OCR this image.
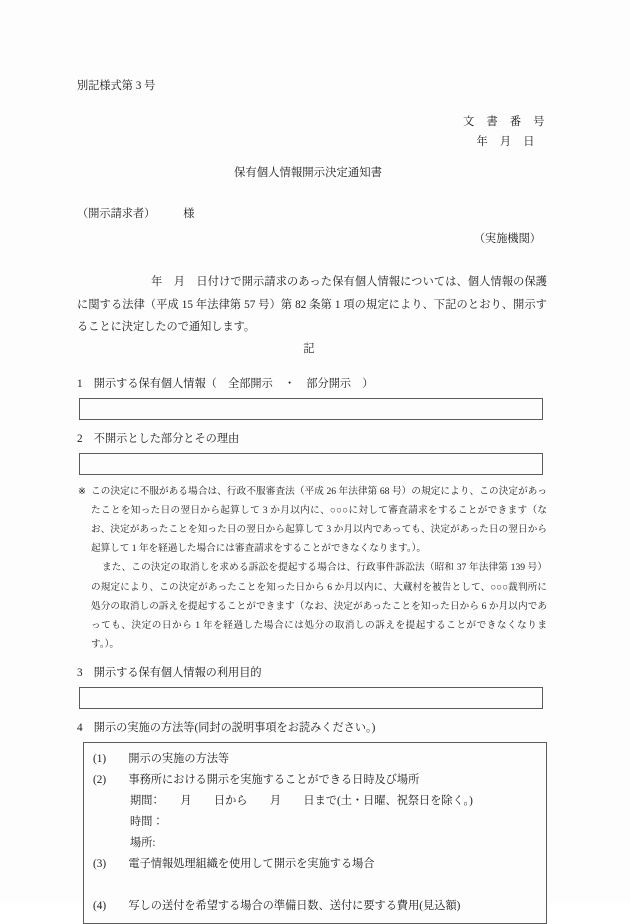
別記様式第 3 号
文　書　番　号
年　月　日
保有個人情報開示決定通知書
（開示請求者）　　　様
（実施機関）
年　月　日付けで開示請求のあった保有個人情報については、個人情報の保護に関する法律（平成 15 年法律第 57 号）第 82 条第 1 項の規定により、下記のとおり、開示することに決定したので通知します。
記
1　開示する保有個人情報（　全部開示　・　部分開示　）
2　不開示とした部分とその理由
※ この決定に不服がある場合は、行政不服審査法（平成 26 年法律第 68 号）の規定により、この決定があったことを知った日の翌日から起算して 3 か月以内に、○○○に対して審査請求をすることができます（なお、決定があったことを知った日の翌日から起算して 3 か月以内であっても、決定があった日の翌日から起算して 1 年を経過した場合には審査請求をすることができなくなります。）。
また、この決定の取消しを求める訴訟を提起する場合は、行政事件訴訟法（昭和 37 年法律第 139 号）の規定により、この決定があったことを知った日から 6 か月以内に、大蔵村を被告として、○○○裁判所に処分の取消しの訴えを提起することができます（なお、決定があったことを知った日から 6 か月以内であっても、決定の日から 1 年を経過した場合には処分の取消しの訴えを提起することができなくなります。）。
3　開示する保有個人情報の利用目的
4　開示の実施の方法等(同封の説明事項をお読みください。)
(1)　　開示の実施の方法等
(2)　　事務所における開示を実施することができる日時及び場所
期間：　　月　　日から　　月　　日まで(土・日曜、祝祭日を除く。)
時間：
場所:
(3)　　電子情報処理組織を使用して開示を実施する場合
(4)　　写しの送付を希望する場合の準備日数、送付に要する費用(見込額)
